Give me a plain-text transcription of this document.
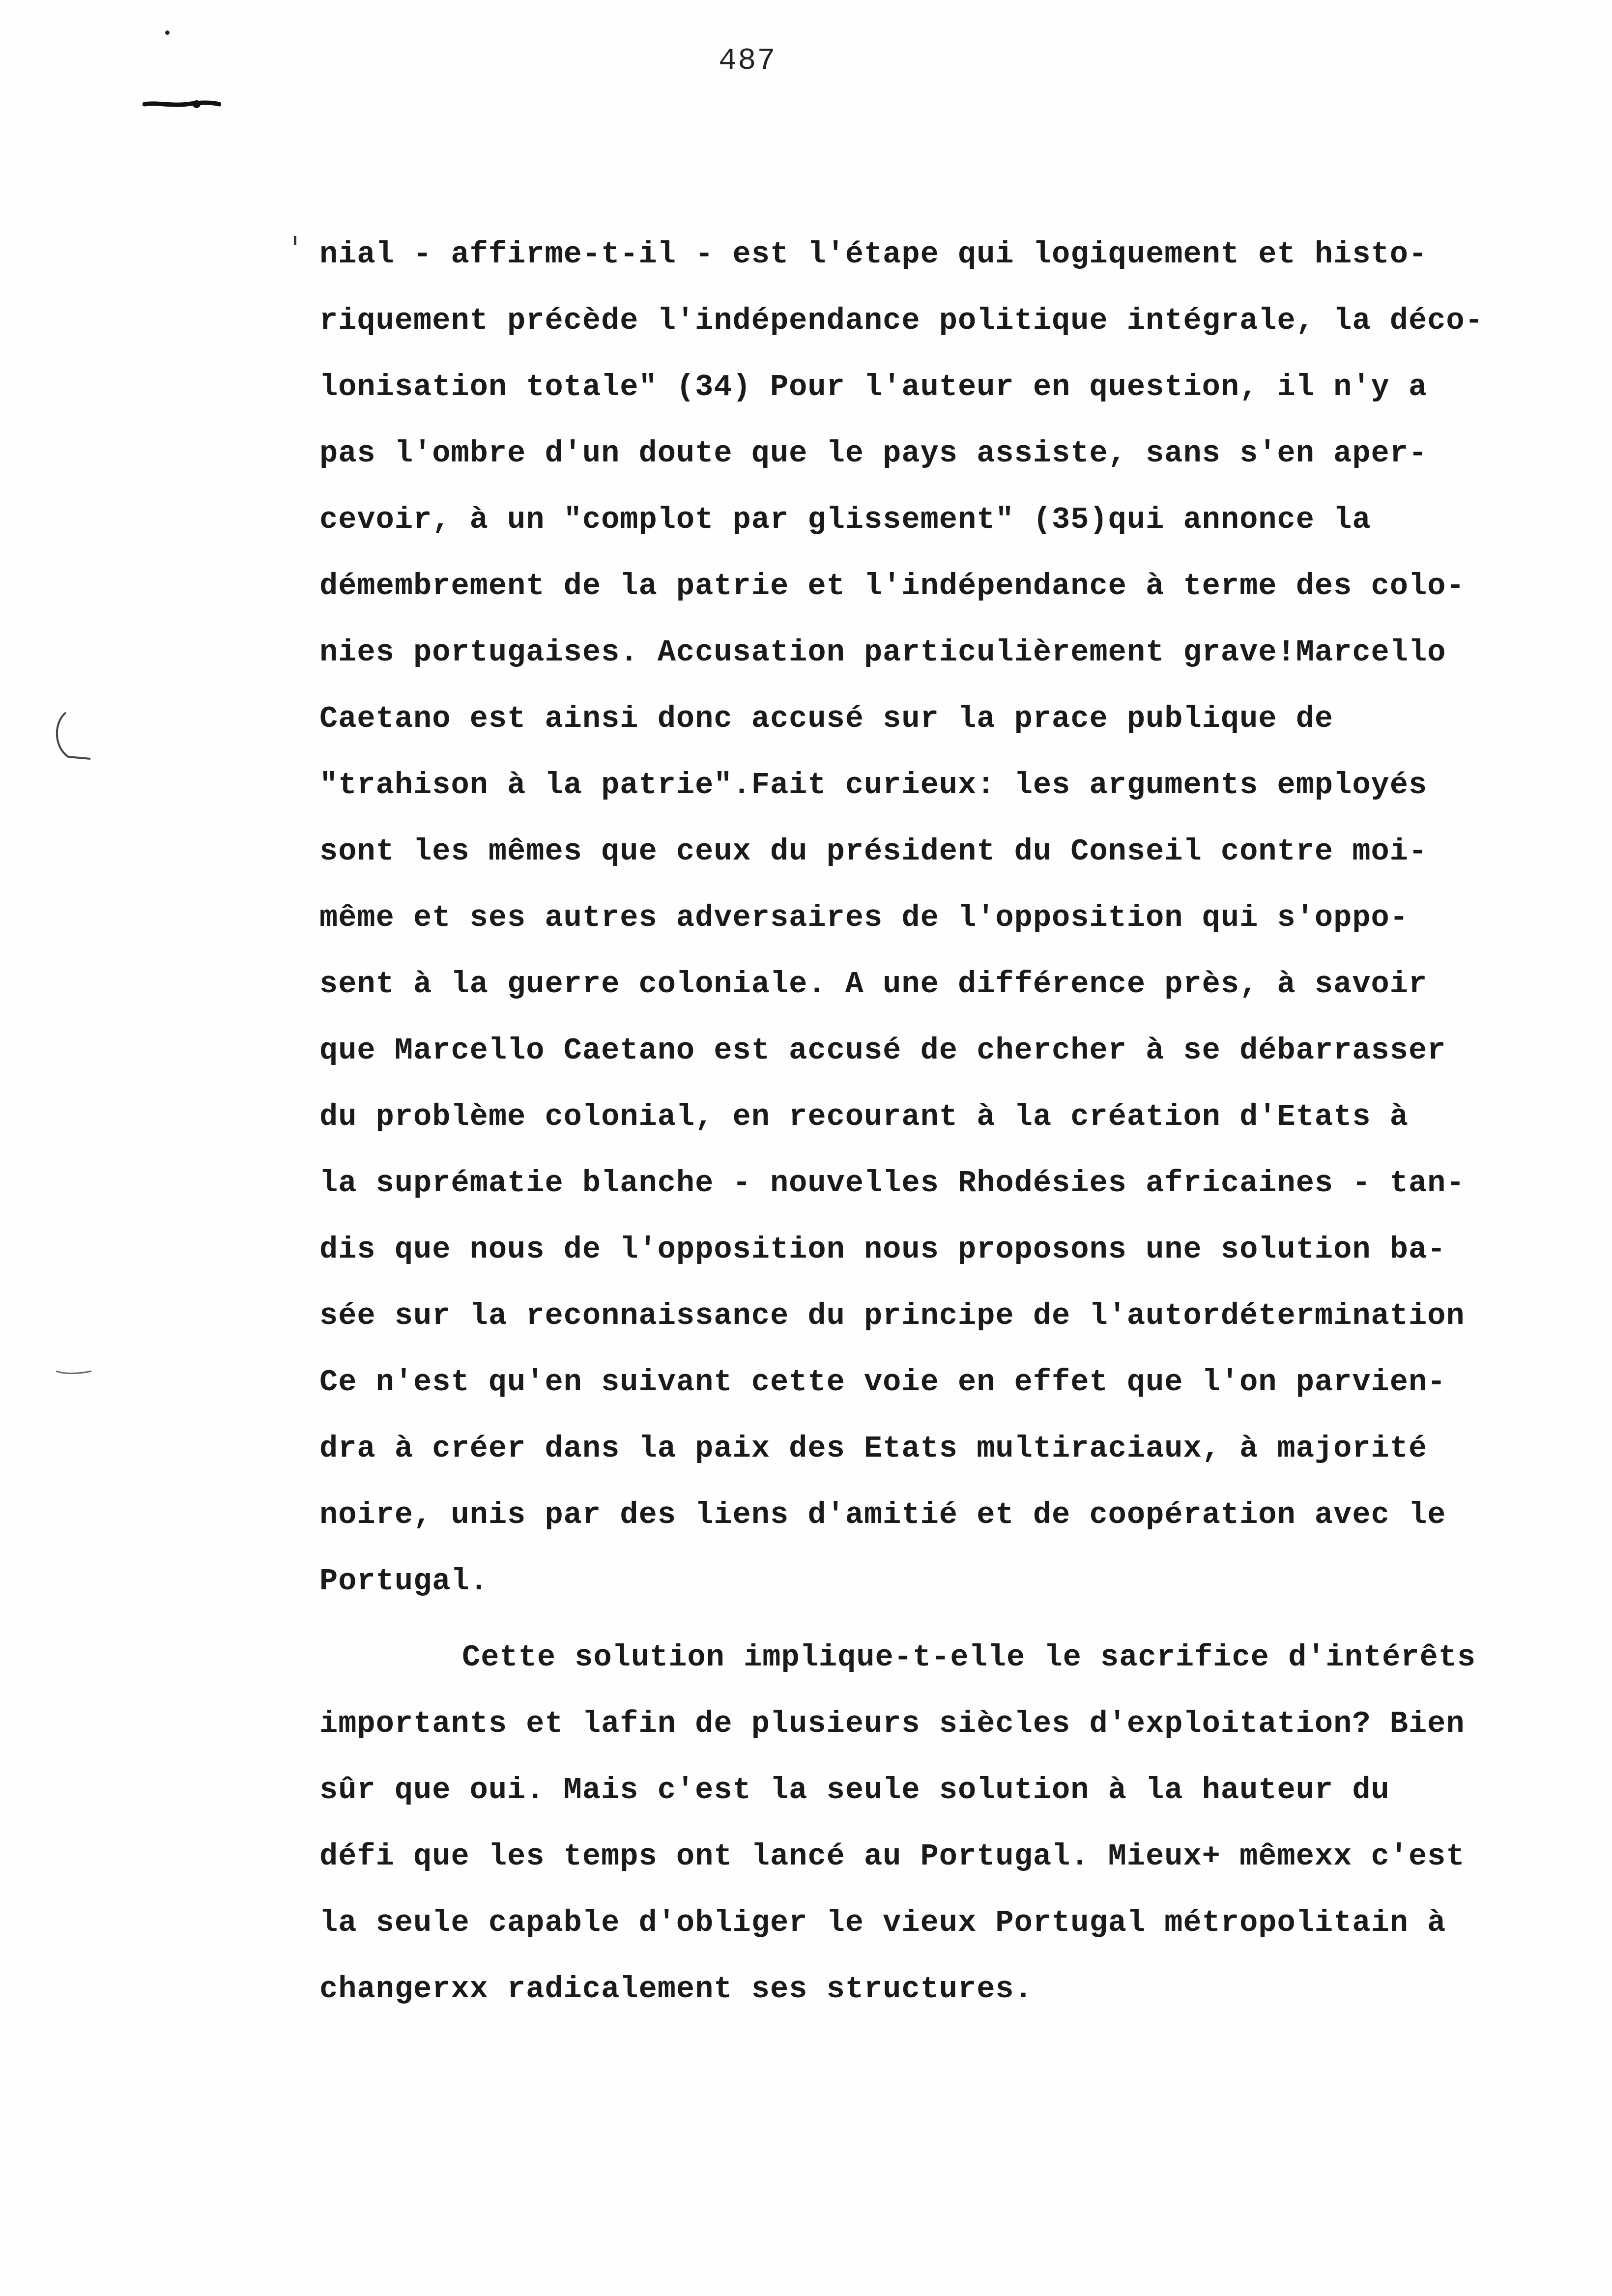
487
nial - affirme-t-il - est l'étape qui logiquement et histo-
riquement précède l'indépendance politique intégrale, la déco-
lonisation totale" (34) Pour l'auteur en question, il n'y a
pas l'ombre d'un doute que le pays assiste, sans s'en aper-
cevoir, à un "complot par glissement" (35)qui annonce la
démembrement de la patrie et l'indépendance à terme des colo-
nies portugaises. Accusation particulièrement grave!Marcello
Caetano est ainsi donc accusé sur la prace publique de
"trahison à la patrie".Fait curieux: les arguments employés
sont les mêmes que ceux du président du Conseil contre moi-
même et ses autres adversaires de l'opposition qui s'oppo-
sent à la guerre coloniale. A une différence près, à savoir
que Marcello Caetano est accusé de chercher à se débarrasser
du problème colonial, en recourant à la création d'Etats à
la suprématie blanche - nouvelles Rhodésies africaines - tan-
dis que nous de l'opposition nous proposons une solution ba-
sée sur la reconnaissance du principe de l'autordétermination
Ce n'est qu'en suivant cette voie en effet que l'on parvien-
dra à créer dans la paix des Etats multiraciaux, à majorité
noire, unis par des liens d'amitié et de coopération avec le
Portugal.
Cette solution implique-t-elle le sacrifice d'intérêts
importants et lafin de plusieurs siècles d'exploitation? Bien
sûr que oui. Mais c'est la seule solution à la hauteur du
défi que les temps ont lancé au Portugal. Mieux+ mêmexx c'est
la seule capable d'obliger le vieux Portugal métropolitain à
changerxx radicalement ses structures.
